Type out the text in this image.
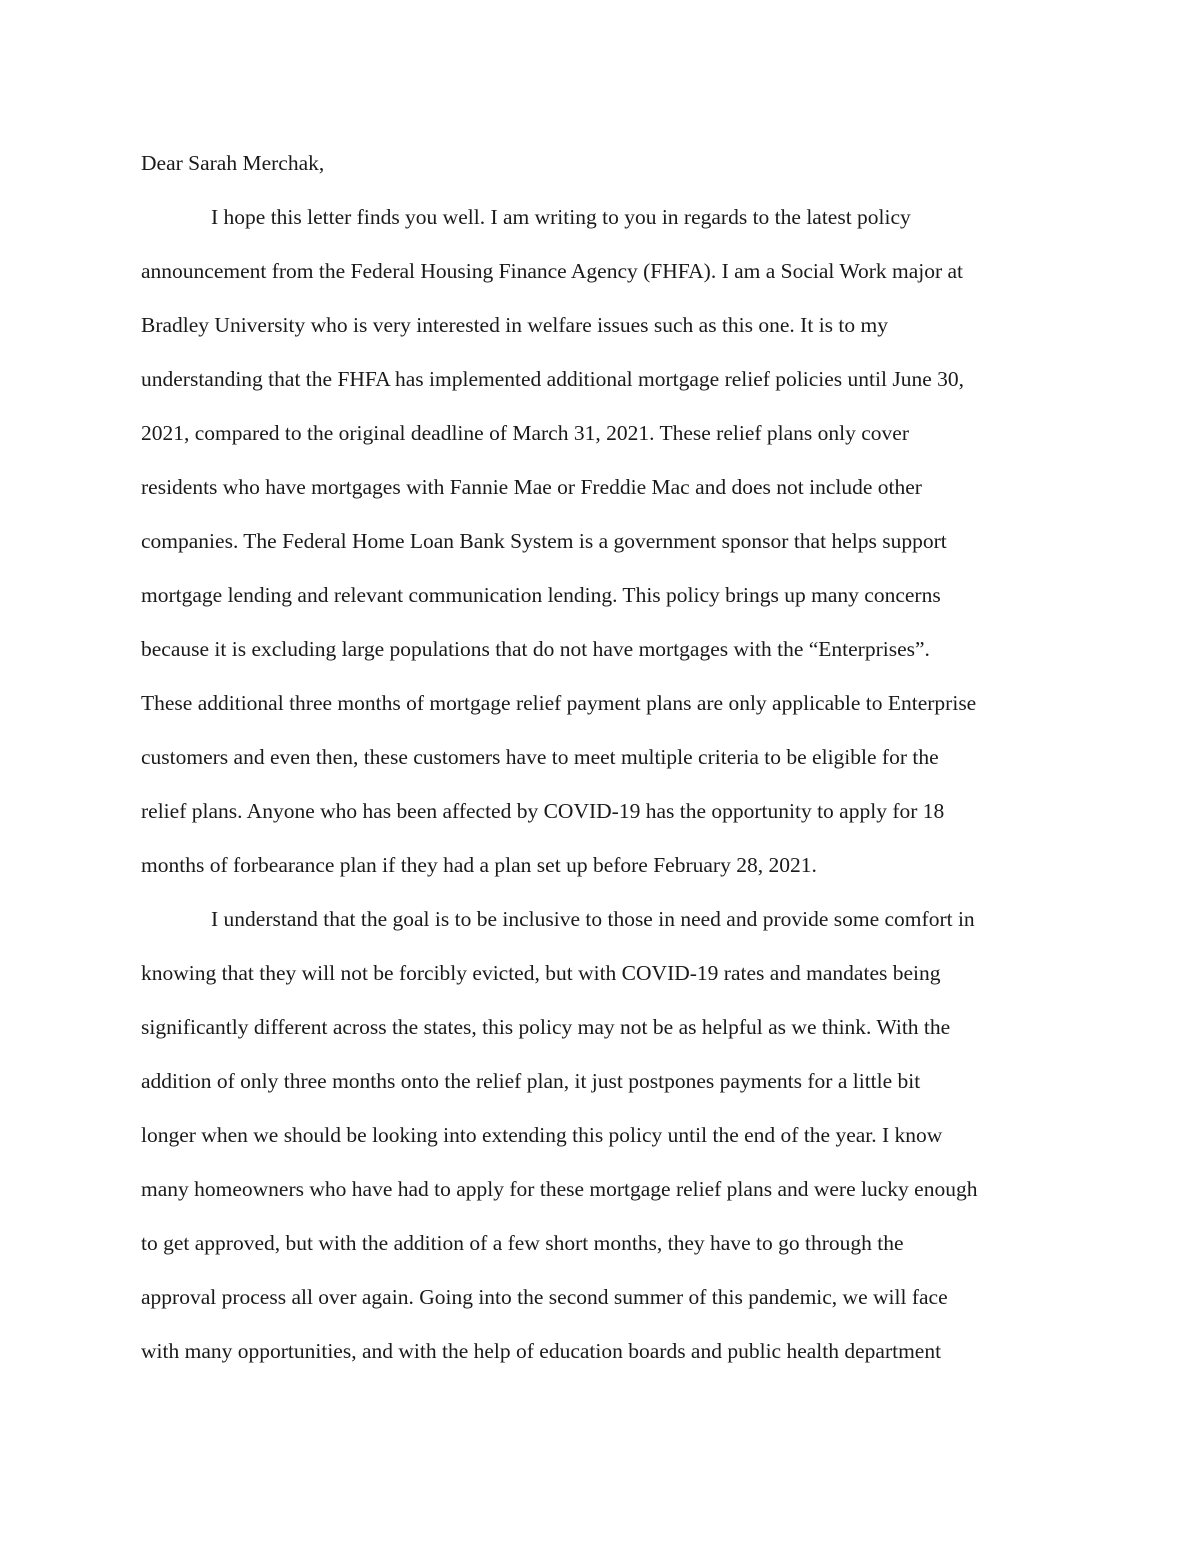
Dear Sarah Merchak,
I hope this letter finds you well. I am writing to you in regards to the latest policy
announcement from the Federal Housing Finance Agency (FHFA). I am a Social Work major at
Bradley University who is very interested in welfare issues such as this one. It is to my
understanding that the FHFA has implemented additional mortgage relief policies until June 30,
2021, compared to the original deadline of March 31, 2021. These relief plans only cover
residents who have mortgages with Fannie Mae or Freddie Mac and does not include other
companies. The Federal Home Loan Bank System is a government sponsor that helps support
mortgage lending and relevant communication lending. This policy brings up many concerns
because it is excluding large populations that do not have mortgages with the “Enterprises”.
These additional three months of mortgage relief payment plans are only applicable to Enterprise
customers and even then, these customers have to meet multiple criteria to be eligible for the
relief plans. Anyone who has been affected by COVID-19 has the opportunity to apply for 18
months of forbearance plan if they had a plan set up before February 28, 2021.
I understand that the goal is to be inclusive to those in need and provide some comfort in
knowing that they will not be forcibly evicted, but with COVID-19 rates and mandates being
significantly different across the states, this policy may not be as helpful as we think. With the
addition of only three months onto the relief plan, it just postpones payments for a little bit
longer when we should be looking into extending this policy until the end of the year. I know
many homeowners who have had to apply for these mortgage relief plans and were lucky enough
to get approved, but with the addition of a few short months, they have to go through the
approval process all over again. Going into the second summer of this pandemic, we will face
with many opportunities, and with the help of education boards and public health department
